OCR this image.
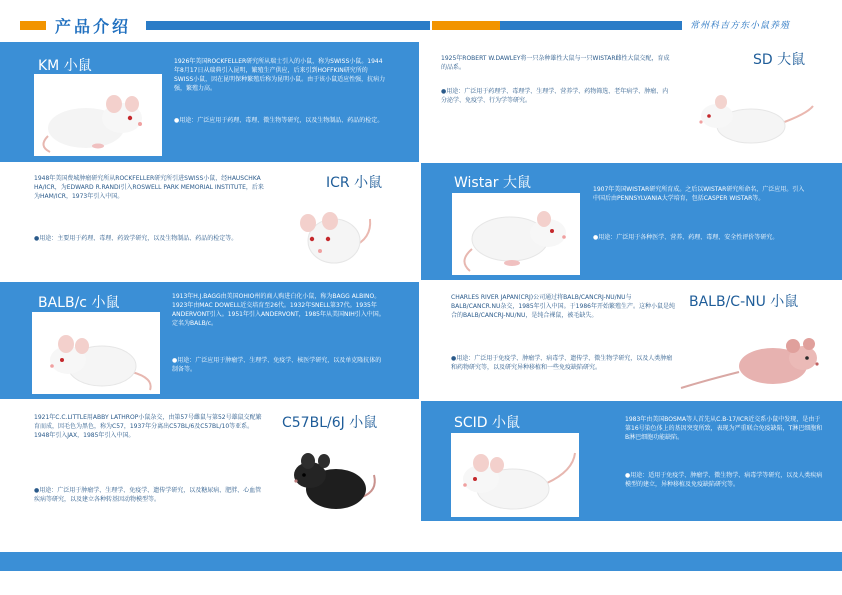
产品介绍	常州科吉方东小鼠养殖
KM 小鼠	1926年美国ROCKFELLER研究所从瑞士引入的小鼠，称为SWISS小鼠。1944年8月17日从瑞典引入昆明，繁殖生产供应，后来引到HOFFKIN研究所的SWISS小鼠，因在昆明保种繁殖后称为昆明小鼠。由于该小鼠适应性强，抗病力强，繁殖力高。
●用途：广泛应用于药理、毒理、微生物等研究，以及生物制品、药品的检定。
SD 大鼠
1925年ROBERT W.DAWLEY将一只杂种雄性大鼠与一只WISTAR雌性大鼠交配，育成的品系。
●用途：广泛用于药理学、毒理学、生理学、营养学、药物筛选、老年病学、肿瘤、内分泌学、免疫学、行为学等研究。
ICR 小鼠
1948年美国费城肿瘤研究所从ROCKFELLER研究所引进SWISS小鼠，经HAUSCHKA HA/ICR，为EDWARD R.RANDI引入ROSWELL PARK MEMORIAL INSTITUTE，后来为HAM/ICR，1973年引入中国。
●用途：主要用于药理、毒理、药效学研究，以及生物制品、药品的检定等。
Wistar 大鼠	1907年美国WISTAR研究所育成。之后以WISTAR研究所命名，广泛应用。引入中国后由PENNSYLVANIA大学培育，包括CASPER WISTAR等。
●用途：广泛用于各种医学、营养、药理、毒理、安全性评价等研究。
BALB/c 小鼠	1913年H.J.BAGG由美国OHIO州的商人购进白化小鼠，称为BAGG ALBINO。1923年由MAC DOWELL近交培育至26代。1932年SNELL第37代。1935年ANDERVONT引入。1951年引入ANDERVONT，1985年从美国NIH引入中国。定名为BALB/c。
●用途：广泛应用于肿瘤学、生理学、免疫学、核医学研究，以及单克隆抗体的制备等。
BALB/C-NU 小鼠
CHARLES RIVER JAPAN(CRJ)公司通过将BALB/CANCRJ-NU/NU与BALB/CANCR.NU杂交，1985年引入中国。于1986年开始繁殖生产。这种小鼠是纯合的BALB/CANCRJ-NU/NU，是纯合裸鼠，被毛缺失。
●用途：广泛用于免疫学、肿瘤学、病毒学、遗传学、微生物学研究，以及人类肿瘤和药物研究等，以及研究异种移植和一些免疫缺陷研究。
C57BL/6J 小鼠
1921年C.C.LITTLE用ABBY LATHROP小鼠杂交，由第57号雌鼠与第52号雄鼠交配繁育而成，因毛色为黑色，称为C57，1937年分离出C57BL/6及C57BL/10等亚系。1948年引入JAX，1985年引入中国。
●用途：广泛用于肿瘤学、生理学、免疫学、遗传学研究，以及糖尿病、肥胖、心血管疾病等研究，以及建立各种转基因动物模型等。
SCID 小鼠	1983年由美国BOSMA等人首先从C.B-17/ICR近交系小鼠中发现，是由于第16号染色体上的基因突变所致，表现为严重联合免疫缺陷，T淋巴细胞和B淋巴细胞功能缺陷。
●用途：适用于免疫学、肿瘤学、微生物学、病毒学等研究，以及人类疾病模型的建立，异种移植及免疫缺陷研究等。
